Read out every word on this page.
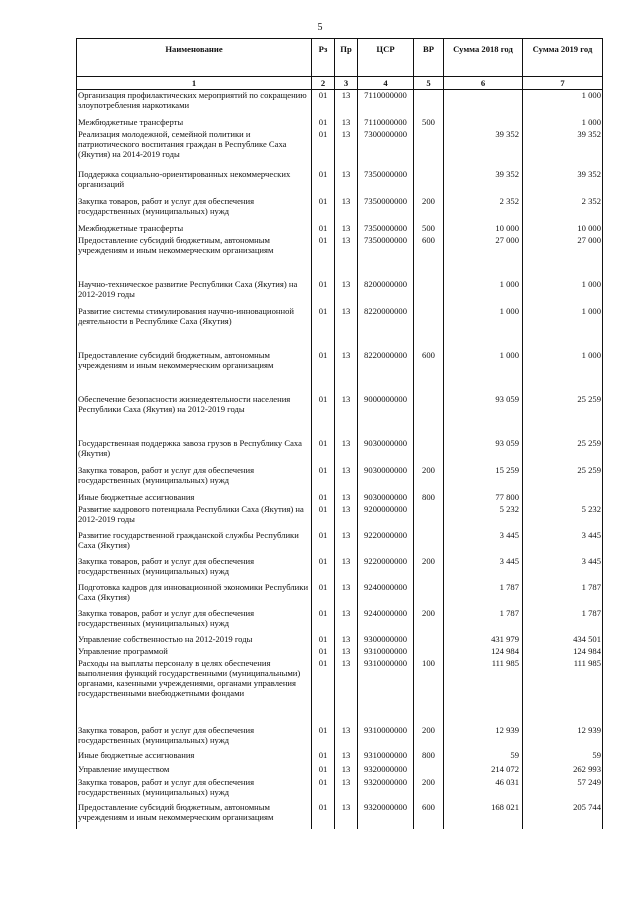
5
Наименование	Рз	Пр	ЦСР	ВР	Сумма 2018 год	Сумма 2019 год
1	2	3	4	5	6	7
Организация профилактических мероприятий по сокращению злоупотребления наркотиками	01	13	7110000000			1 000
Межбюджетные трансферты	01	13	7110000000	500		1 000
Реализация молодежной, семейной политики и патриотического воспитания граждан в Республике Саха (Якутия) на 2014-2019 годы	01	13	7300000000		39 352	39 352
Поддержка социально-ориентированных некоммерческих организаций	01	13	7350000000		39 352	39 352
Закупка товаров, работ и услуг для обеспечения государственных (муниципальных) нужд	01	13	7350000000	200	2 352	2 352
Межбюджетные трансферты	01	13	7350000000	500	10 000	10 000
Предоставление субсидий бюджетным, автономным учреждениям и иным некоммерческим организациям	01	13	7350000000	600	27 000	27 000
Научно-техническое развитие Республики Саха (Якутия) на 2012-2019 годы	01	13	8200000000		1 000	1 000
Развитие системы стимулирования научно-инновационной деятельности в Республике Саха (Якутия)	01	13	8220000000		1 000	1 000
Предоставление субсидий бюджетным, автономным учреждениям и иным некоммерческим организациям	01	13	8220000000	600	1 000	1 000
Обеспечение безопасности жизнедеятельности населения Республики Саха (Якутия) на 2012-2019 годы	01	13	9000000000		93 059	25 259
Государственная поддержка завоза грузов в Республику Саха (Якутия)	01	13	9030000000		93 059	25 259
Закупка товаров, работ и услуг для обеспечения государственных (муниципальных) нужд	01	13	9030000000	200	15 259	25 259
Иные бюджетные ассигнования	01	13	9030000000	800	77 800	
Развитие кадрового потенциала Республики Саха (Якутия) на 2012-2019 годы	01	13	9200000000		5 232	5 232
Развитие государственной гражданской службы Республики Саха (Якутия)	01	13	9220000000		3 445	3 445
Закупка товаров, работ и услуг для обеспечения государственных (муниципальных) нужд	01	13	9220000000	200	3 445	3 445
Подготовка кадров для инновационной экономики Республики Саха (Якутия)	01	13	9240000000		1 787	1 787
Закупка товаров, работ и услуг для обеспечения государственных (муниципальных) нужд	01	13	9240000000	200	1 787	1 787
Управление собственностью на 2012-2019 годы	01	13	9300000000		431 979	434 501
Управление программой	01	13	9310000000		124 984	124 984
Расходы на выплаты персоналу в целях обеспечения выполнения функций государственными (муниципальными) органами, казенными учреждениями, органами управления государственными внебюджетными фондами	01	13	9310000000	100	111 985	111 985
Закупка товаров, работ и услуг для обеспечения государственных (муниципальных) нужд	01	13	9310000000	200	12 939	12 939
Иные бюджетные ассигнования	01	13	9310000000	800	59	59
Управление имуществом	01	13	9320000000		214 072	262 993
Закупка товаров, работ и услуг для обеспечения государственных (муниципальных) нужд	01	13	9320000000	200	46 031	57 249
Предоставление субсидий бюджетным, автономным учреждениям и иным некоммерческим организациям	01	13	9320000000	600	168 021	205 744
